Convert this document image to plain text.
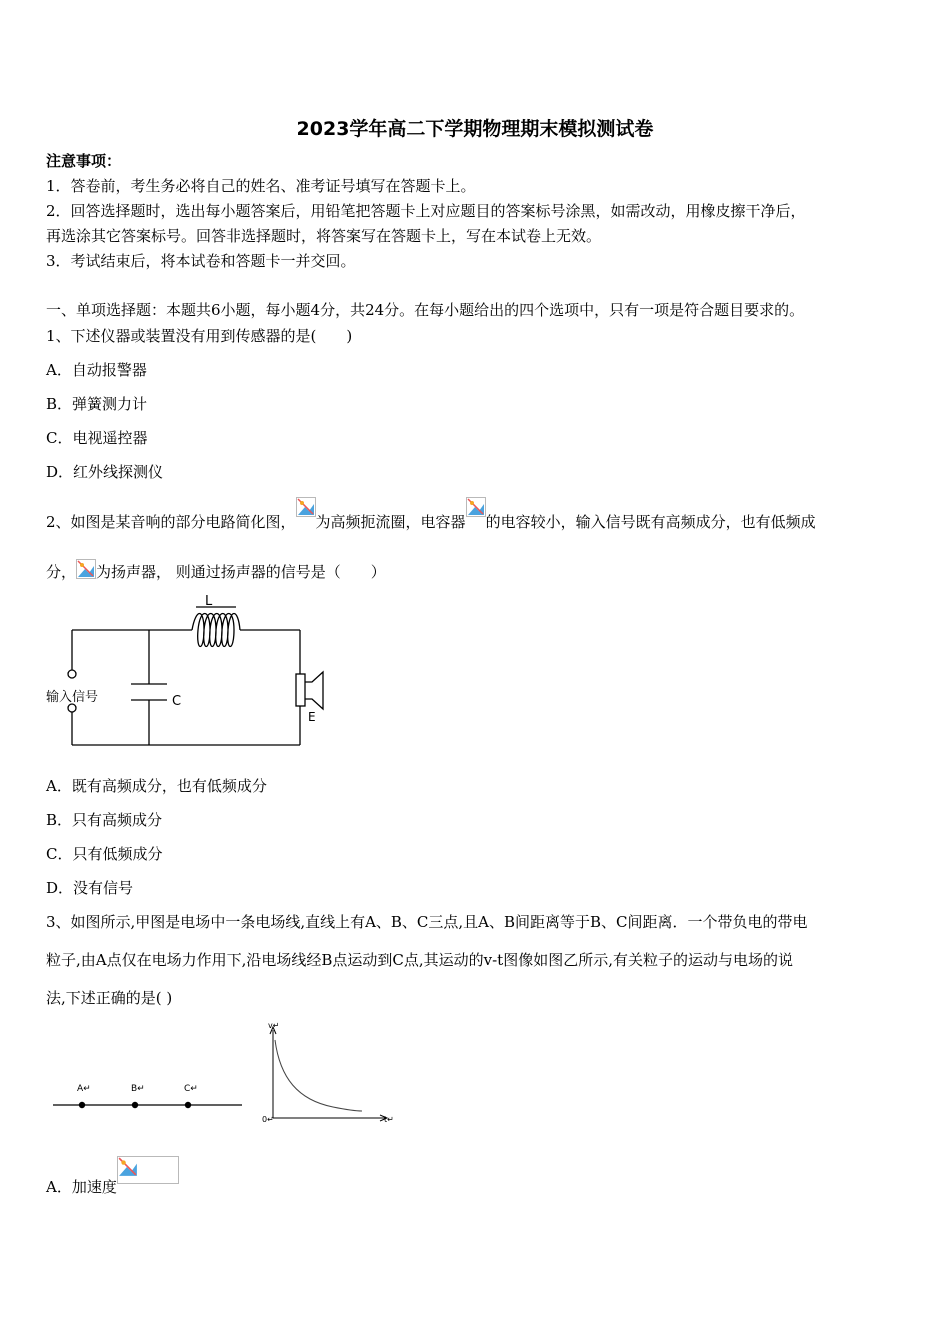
2023学年高二下学期物理期末模拟测试卷
注意事项：
1．答卷前，考生务必将自己的姓名、准考证号填写在答题卡上。
2．回答选择题时，选出每小题答案后，用铅笔把答题卡上对应题目的答案标号涂黑，如需改动，用橡皮擦干净后，
再选涂其它答案标号。回答非选择题时，将答案写在答题卡上，写在本试卷上无效。
3．考试结束后，将本试卷和答题卡一并交回。
一、单项选择题：本题共6小题，每小题4分，共24分。在每小题给出的四个选项中，只有一项是符合题目要求的。
1、下述仪器或装置没有用到传感器的是(　　)
A．自动报警器
B．弹簧测力计
C．电视遥控器
D．红外线探测仪
2、如图是某音响的部分电路简化图， 为高频扼流圈，电容器 的电容较小，输入信号既有高频成分，也有低频成
分， 为扬声器， 则通过扬声器的信号是（　　）
L
C
E
输入信号
A．既有高频成分，也有低频成分
B．只有高频成分
C．只有低频成分
D．没有信号
3、如图所示,甲图是电场中一条电场线,直线上有A、B、C三点,且A、B间距离等于B、C间距离．一个带负电的带电
粒子,由A点仅在电场力作用下,沿电场线经B点运动到C点,其运动的v-t图像如图乙所示,有关粒子的运动与电场的说
法,下述正确的是( )
A↵	B↵	C↵
v↵
t↵
0↵
A．加速度
